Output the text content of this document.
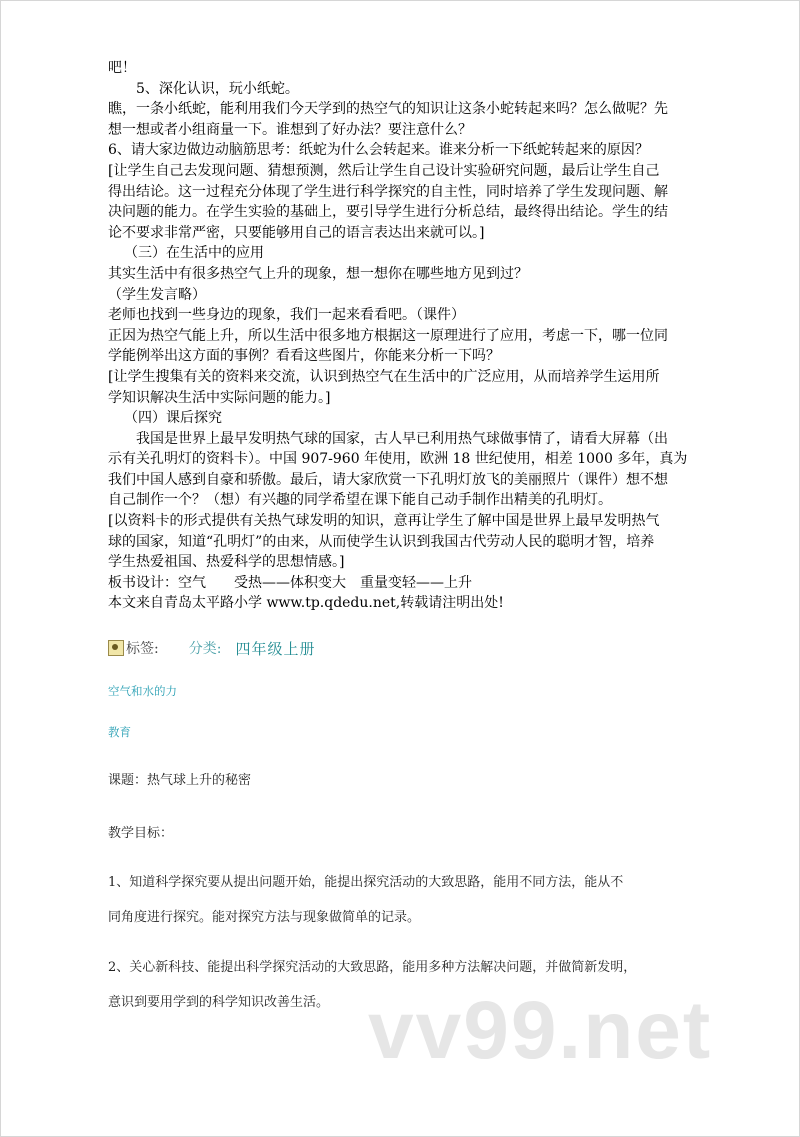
吧！
5、深化认识，玩小纸蛇。
瞧，一条小纸蛇，能利用我们今天学到的热空气的知识让这条小蛇转起来吗？怎么做呢？先
想一想或者小组商量一下。谁想到了好办法？要注意什么？
6、请大家边做边动脑筋思考：纸蛇为什么会转起来。谁来分析一下纸蛇转起来的原因？
[让学生自己去发现问题、猜想预测，然后让学生自己设计实验研究问题，最后让学生自己
得出结论。这一过程充分体现了学生进行科学探究的自主性，同时培养了学生发现问题、解
决问题的能力。在学生实验的基础上，要引导学生进行分析总结，最终得出结论。学生的结
论不要求非常严密，只要能够用自己的语言表达出来就可以。]
（三）在生活中的应用
其实生活中有很多热空气上升的现象，想一想你在哪些地方见到过？
（学生发言略）
老师也找到一些身边的现象，我们一起来看看吧。（课件）
正因为热空气能上升，所以生活中很多地方根据这一原理进行了应用，考虑一下，哪一位同
学能例举出这方面的事例？看看这些图片，你能来分析一下吗？
[让学生搜集有关的资料来交流，认识到热空气在生活中的广泛应用，从而培养学生运用所
学知识解决生活中实际问题的能力。]
（四）课后探究
我国是世界上最早发明热气球的国家，古人早已利用热气球做事情了，请看大屏幕（出
示有关孔明灯的资料卡）。中国 907-960 年使用，欧洲 18 世纪使用，相差 1000 多年，真为
我们中国人感到自豪和骄傲。最后，请大家欣赏一下孔明灯放飞的美丽照片（课件）想不想
自己制作一个？（想）有兴趣的同学希望在课下能自己动手制作出精美的孔明灯。
[以资料卡的形式提供有关热气球发明的知识，意再让学生了解中国是世界上最早发明热气
球的国家，知道“孔明灯”的由来，从而使学生认识到我国古代劳动人民的聪明才智，培养
学生热爱祖国、热爱科学的思想情感。]
板书设计：空气　　受热——体积变大　重量变轻——上升
本文来自青岛太平路小学 www.tp.qdedu.net,转载请注明出处!
标签: 分类: 四年级上册
空气和水的力
教育
课题：热气球上升的秘密
教学目标：
1、知道科学探究要从提出问题开始，能提出探究活动的大致思路，能用不同方法，能从不
同角度进行探究。能对探究方法与现象做简单的记录。
2、关心新科技、能提出科学探究活动的大致思路，能用多种方法解决问题，并做简新发明，
意识到要用学到的科学知识改善生活。 vv99.net
